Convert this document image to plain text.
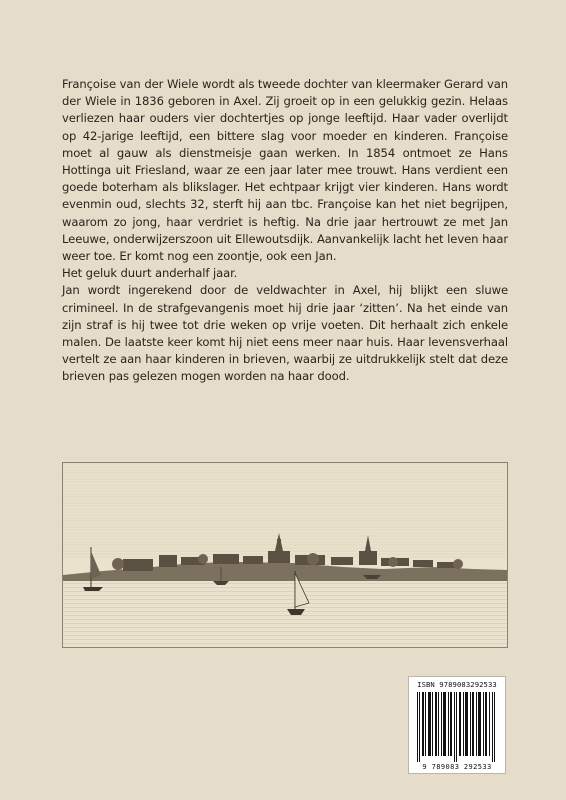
Françoise van der Wiele wordt als tweede dochter van kleermaker Gerard van der Wiele in 1836 geboren in Axel. Zij groeit op in een gelukkig gezin. Helaas verliezen haar ouders vier dochtertjes op jonge leeftijd. Haar vader overlijdt op 42-jarige leeftijd, een bittere slag voor moeder en kinderen. Françoise moet al gauw als dienstmeisje gaan werken. In 1854 ontmoet ze Hans Hottinga uit Friesland, waar ze een jaar later mee trouwt. Hans verdient een goede boterham als blikslager. Het echtpaar krijgt vier kinderen. Hans wordt evenmin oud, slechts 32, sterft hij aan tbc. Françoise kan het niet begrijpen, waarom zo jong, haar verdriet is heftig. Na drie jaar hertrouwt ze met Jan Leeuwe, onderwijzerszoon uit Ellewoutsdijk. Aanvankelijk lacht het leven haar weer toe. Er komt nog een zoontje, ook een Jan.

Het geluk duurt anderhalf jaar.

Jan wordt ingerekend door de veldwachter in Axel, hij blijkt een sluwe crimineel. In de strafgevangenis moet hij drie jaar ‘zitten’. Na het einde van zijn straf is hij twee tot drie weken op vrije voeten. Dit herhaalt zich enkele malen. De laatste keer komt hij niet eens meer naar huis. Haar levensverhaal vertelt ze aan haar kinderen in brieven, waarbij ze uitdrukkelijk stelt dat deze brieven pas gelezen mogen worden na haar dood.

ISBN 9789083292533
9 789083 292533
